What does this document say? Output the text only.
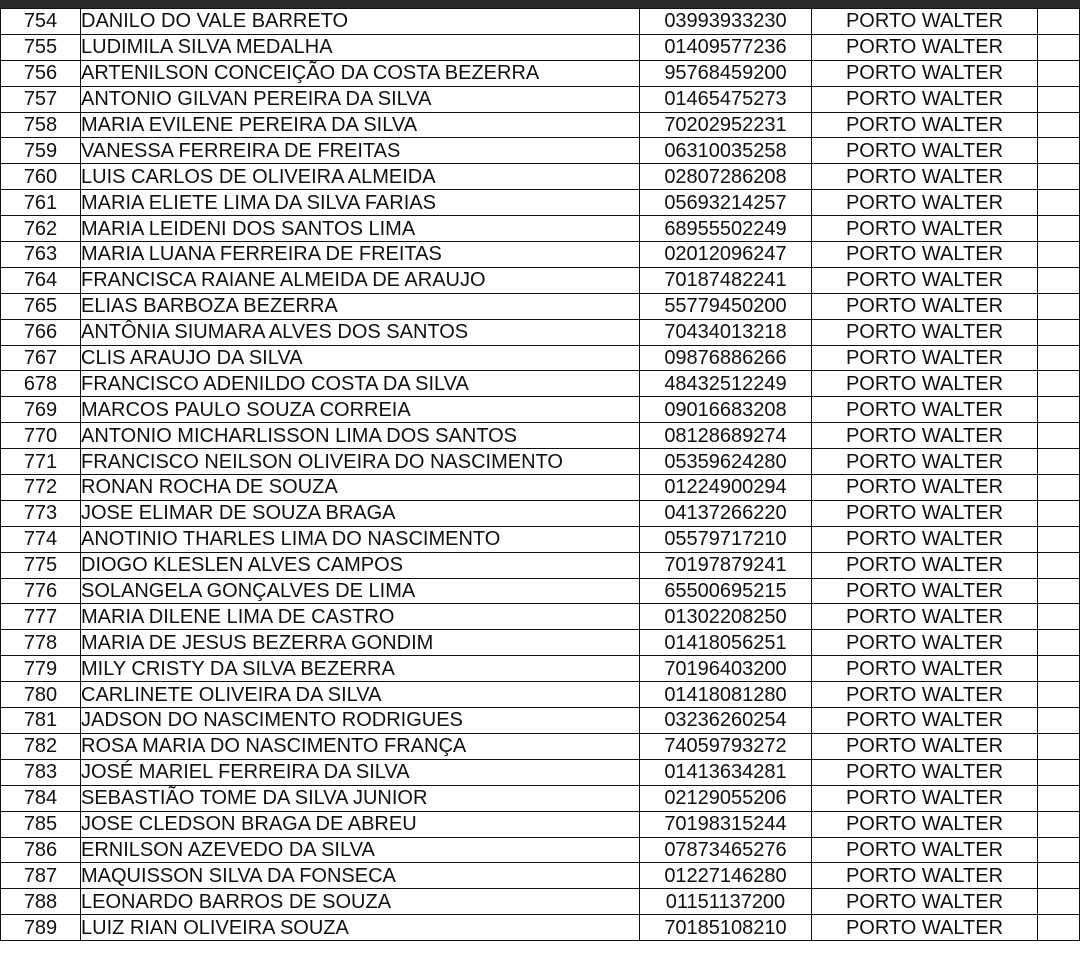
754	DANILO DO VALE BARRETO	03993933230	PORTO WALTER	
755	LUDIMILA SILVA MEDALHA	01409577236	PORTO WALTER	
756	ARTENILSON CONCEIÇÃO DA COSTA BEZERRA	95768459200	PORTO WALTER	
757	ANTONIO GILVAN PEREIRA DA SILVA	01465475273	PORTO WALTER	
758	MARIA EVILENE PEREIRA DA SILVA	70202952231	PORTO WALTER	
759	VANESSA FERREIRA DE FREITAS	06310035258	PORTO WALTER	
760	LUIS CARLOS DE OLIVEIRA ALMEIDA	02807286208	PORTO WALTER	
761	MARIA ELIETE LIMA DA SILVA FARIAS	05693214257	PORTO WALTER	
762	MARIA LEIDENI DOS SANTOS LIMA	68955502249	PORTO WALTER	
763	MARIA LUANA FERREIRA DE FREITAS	02012096247	PORTO WALTER	
764	FRANCISCA RAIANE ALMEIDA DE ARAUJO	70187482241	PORTO WALTER	
765	ELIAS BARBOZA BEZERRA	55779450200	PORTO WALTER	
766	ANTÔNIA SIUMARA ALVES DOS SANTOS	70434013218	PORTO WALTER	
767	CLIS ARAUJO DA SILVA	09876886266	PORTO WALTER	
678	FRANCISCO ADENILDO COSTA DA SILVA	48432512249	PORTO WALTER	
769	MARCOS PAULO SOUZA CORREIA	09016683208	PORTO WALTER	
770	ANTONIO MICHARLISSON LIMA DOS SANTOS	08128689274	PORTO WALTER	
771	FRANCISCO NEILSON OLIVEIRA DO NASCIMENTO	05359624280	PORTO WALTER	
772	RONAN ROCHA DE SOUZA	01224900294	PORTO WALTER	
773	JOSE ELIMAR DE SOUZA BRAGA	04137266220	PORTO WALTER	
774	ANOTINIO THARLES LIMA DO NASCIMENTO	05579717210	PORTO WALTER	
775	DIOGO KLESLEN ALVES CAMPOS	70197879241	PORTO WALTER	
776	SOLANGELA GONÇALVES DE LIMA	65500695215	PORTO WALTER	
777	MARIA DILENE LIMA DE CASTRO	01302208250	PORTO WALTER	
778	MARIA DE JESUS BEZERRA GONDIM	01418056251	PORTO WALTER	
779	MILY CRISTY DA SILVA BEZERRA	70196403200	PORTO WALTER	
780	CARLINETE OLIVEIRA DA SILVA	01418081280	PORTO WALTER	
781	JADSON DO NASCIMENTO RODRIGUES	03236260254	PORTO WALTER	
782	ROSA MARIA DO NASCIMENTO FRANÇA	74059793272	PORTO WALTER	
783	JOSÉ MARIEL FERREIRA DA SILVA	01413634281	PORTO WALTER	
784	SEBASTIÃO TOME DA SILVA JUNIOR	02129055206	PORTO WALTER	
785	JOSE CLEDSON BRAGA DE ABREU	70198315244	PORTO WALTER	
786	ERNILSON AZEVEDO DA SILVA	07873465276	PORTO WALTER	
787	MAQUISSON SILVA DA FONSECA	01227146280	PORTO WALTER	
788	LEONARDO BARROS DE SOUZA	01151137200	PORTO WALTER	
789	LUIZ RIAN OLIVEIRA SOUZA	70185108210	PORTO WALTER	
